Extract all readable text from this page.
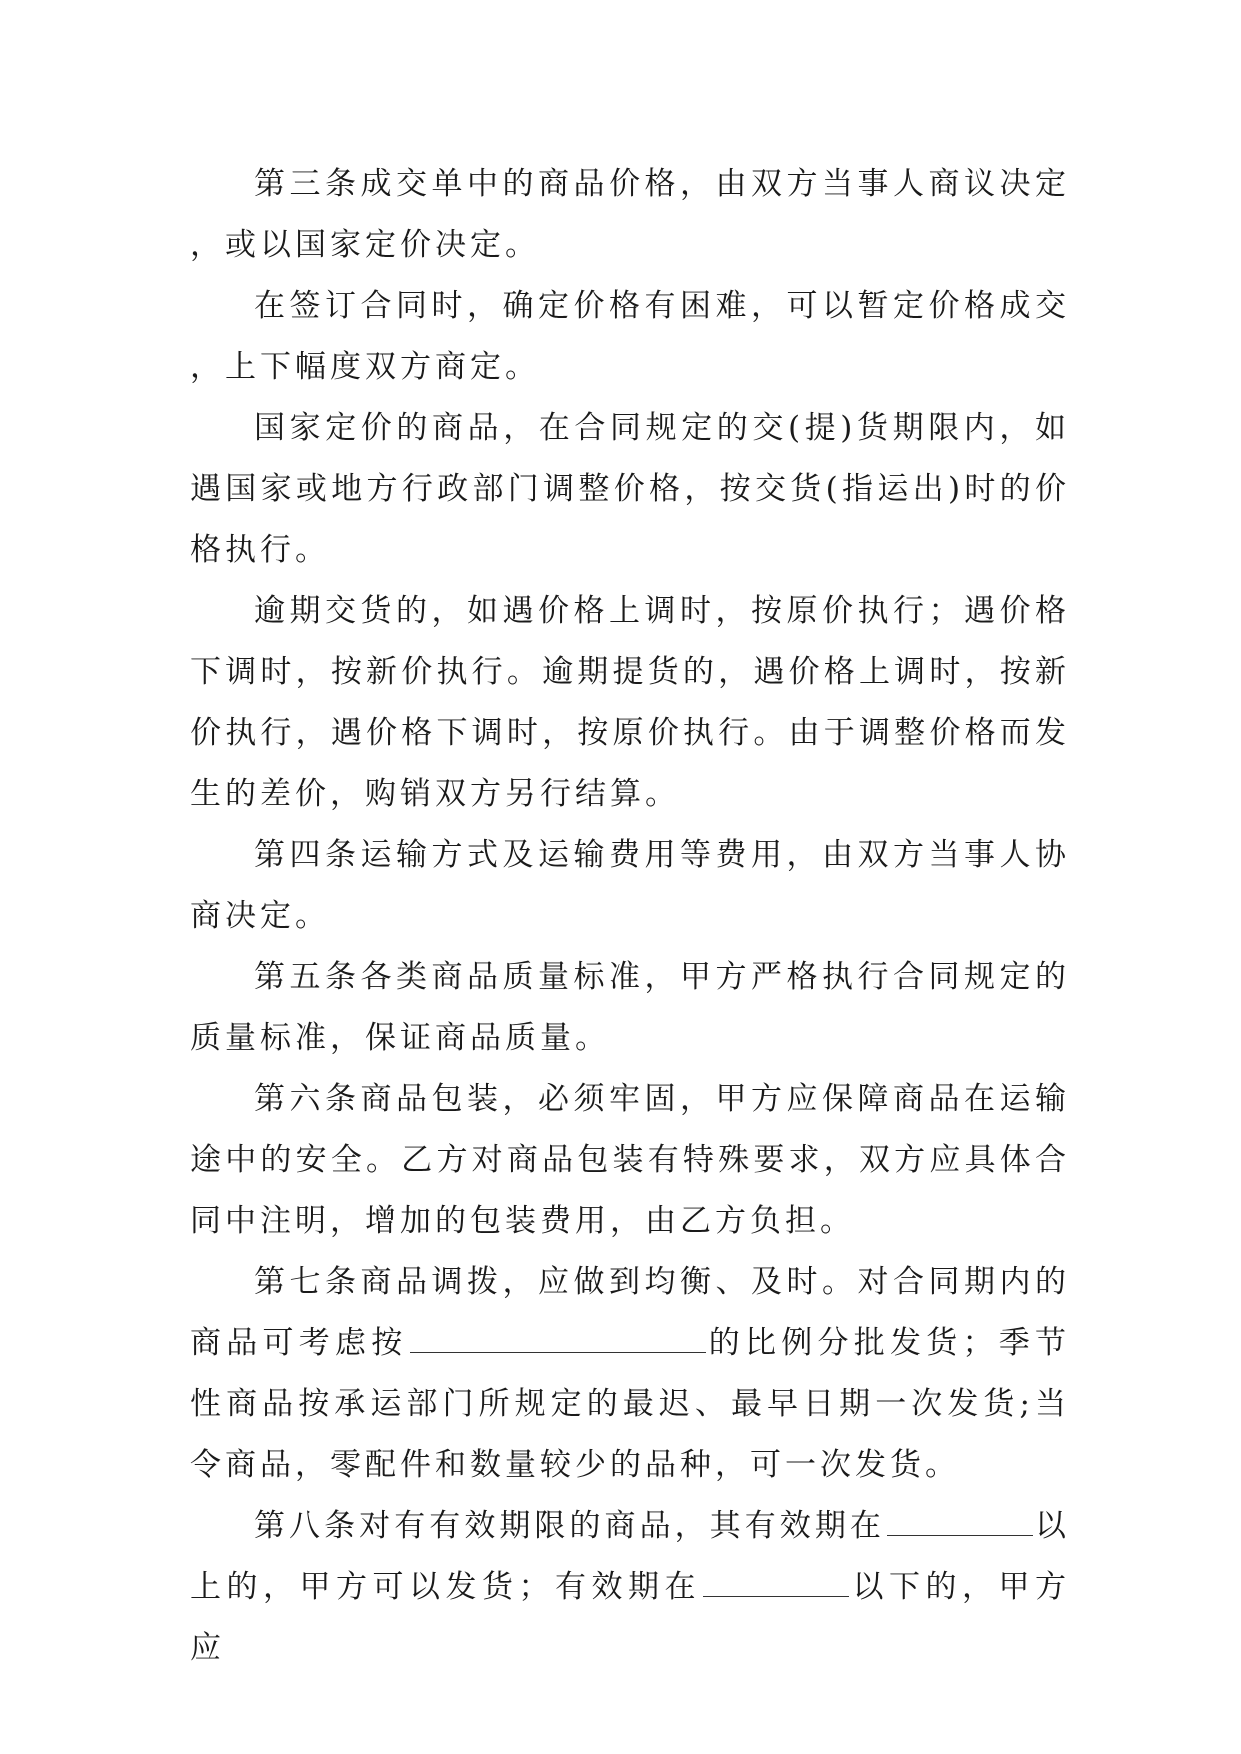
第三条成交单中的商品价格，由双方当事人商议决定，或以国家定价决定。

在签订合同时，确定价格有困难，可以暂定价格成交，上下幅度双方商定。

国家定价的商品，在合同规定的交(提)货期限内，如遇国家或地方行政部门调整价格，按交货(指运出)时的价格执行。

逾期交货的，如遇价格上调时，按原价执行；遇价格下调时，按新价执行。逾期提货的，遇价格上调时，按新价执行，遇价格下调时，按原价执行。由于调整价格而发生的差价，购销双方另行结算。

第四条运输方式及运输费用等费用，由双方当事人协商决定。

第五条各类商品质量标准，甲方严格执行合同规定的质量标准，保证商品质量。

第六条商品包装，必须牢固，甲方应保障商品在运输途中的安全。乙方对商品包装有特殊要求，双方应具体合同中注明，增加的包装费用，由乙方负担。

第七条商品调拨，应做到均衡、及时。对合同期内的商品可考虑按	的比例分批发货；季节性商品按承运部门所规定的最迟、最早日期一次发货;当令商品，零配件和数量较少的品种，可一次发货。

第八条对有有效期限的商品，其有效期在	以上的，甲方可以发货；有效期在	以下的，甲方应
